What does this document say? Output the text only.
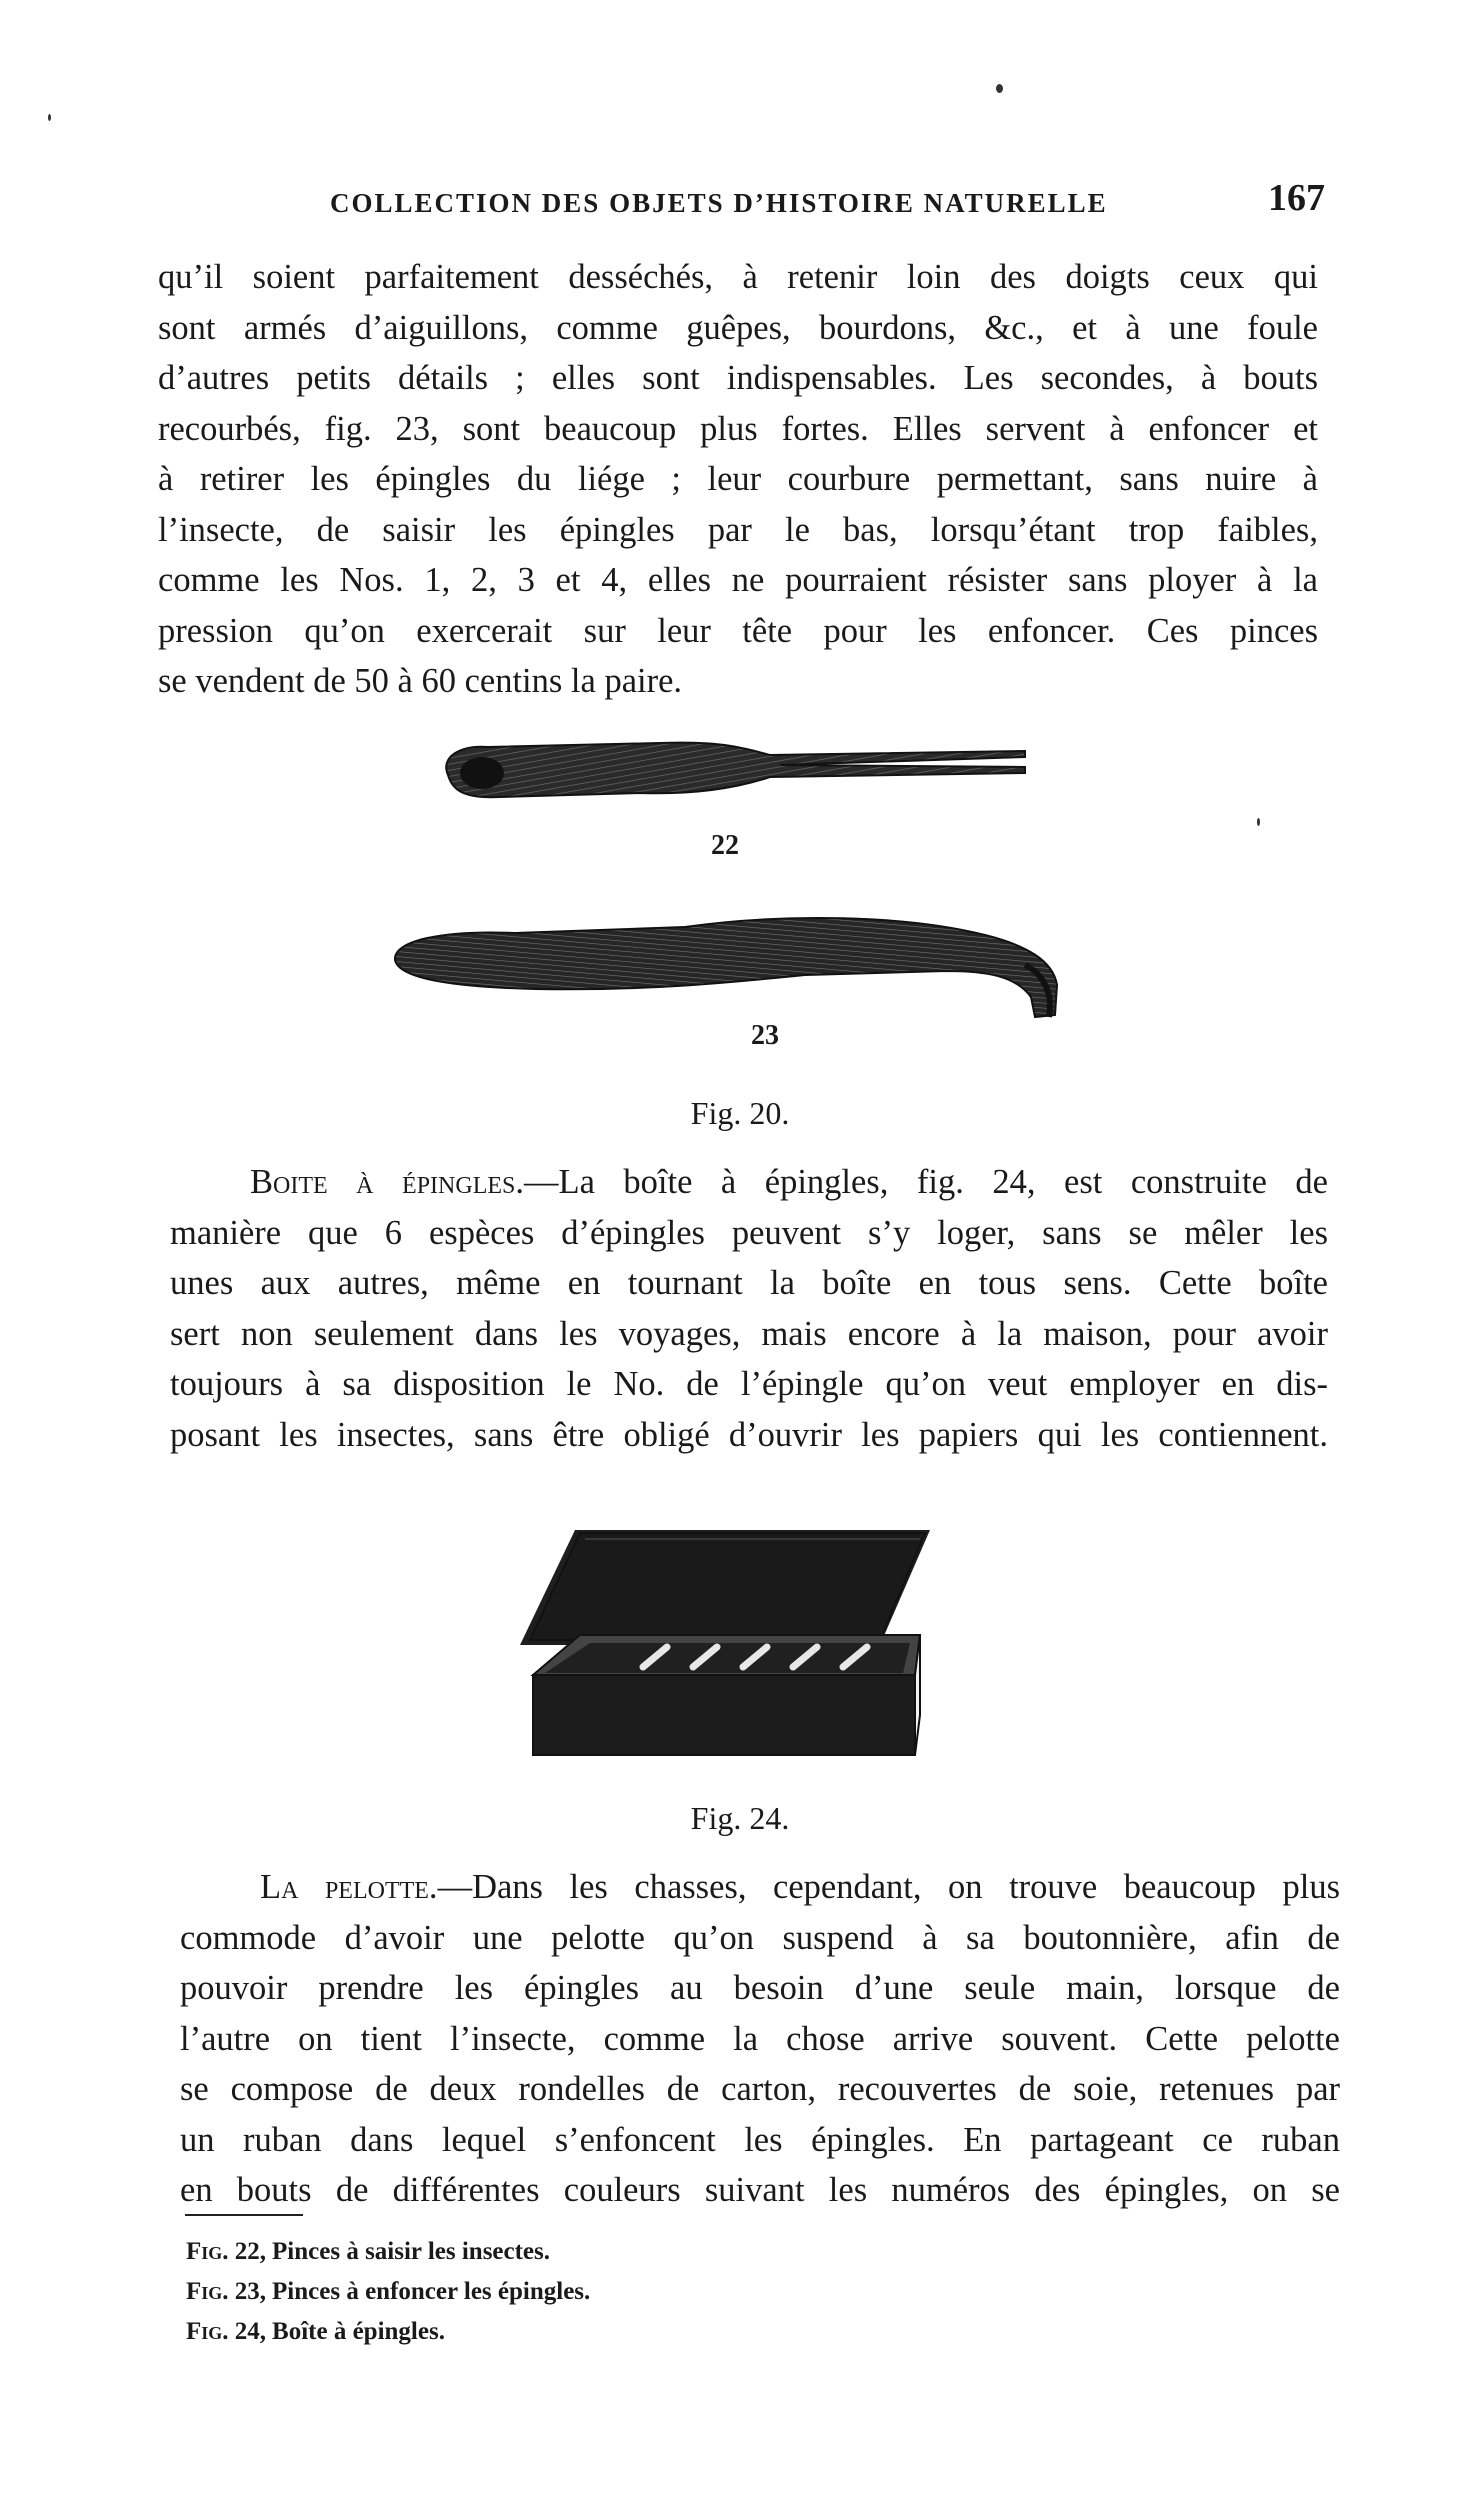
COLLECTION DES OBJETS D’HISTOIRE NATURELLE	167

qu’il soient parfaitement desséchés, à retenir loin des doigts ceux qui
sont armés d’aiguillons, comme guêpes, bourdons, &c., et à une foule
d’autres petits détails ; elles sont indispensables. Les secondes, à bouts
recourbés, fig. 23, sont beaucoup plus fortes. Elles servent à enfoncer et
à retirer les épingles du liége ; leur courbure permettant, sans nuire à
l’insecte, de saisir les épingles par le bas, lorsqu’étant trop faibles,
comme les Nos. 1, 2, 3 et 4, elles ne pourraient résister sans ployer à la
pression qu’on exercerait sur leur tête pour les enfoncer. Ces pinces
se vendent de 50 à 60 centins la paire.

22
23
Fig. 20.

Boite à épingles.—La boîte à épingles, fig. 24, est construite de
manière que 6 espèces d’épingles peuvent s’y loger, sans se mêler les
unes aux autres, même en tournant la boîte en tous sens. Cette boîte
sert non seulement dans les voyages, mais encore à la maison, pour avoir
toujours à sa disposition le No. de l’épingle qu’on veut employer en dis-
posant les insectes, sans être obligé d’ouvrir les papiers qui les contiennent.

Fig. 24.

La pelotte.—Dans les chasses, cependant, on trouve beaucoup plus
commode d’avoir une pelotte qu’on suspend à sa boutonnière, afin de
pouvoir prendre les épingles au besoin d’une seule main, lorsque de
l’autre on tient l’insecte, comme la chose arrive souvent. Cette pelotte
se compose de deux rondelles de carton, recouvertes de soie, retenues par
un ruban dans lequel s’enfoncent les épingles. En partageant ce ruban
en bouts de différentes couleurs suivant les numéros des épingles, on se

Fig. 22, Pinces à saisir les insectes.
Fig. 23, Pinces à enfoncer les épingles.
Fig. 24, Boîte à épingles.
